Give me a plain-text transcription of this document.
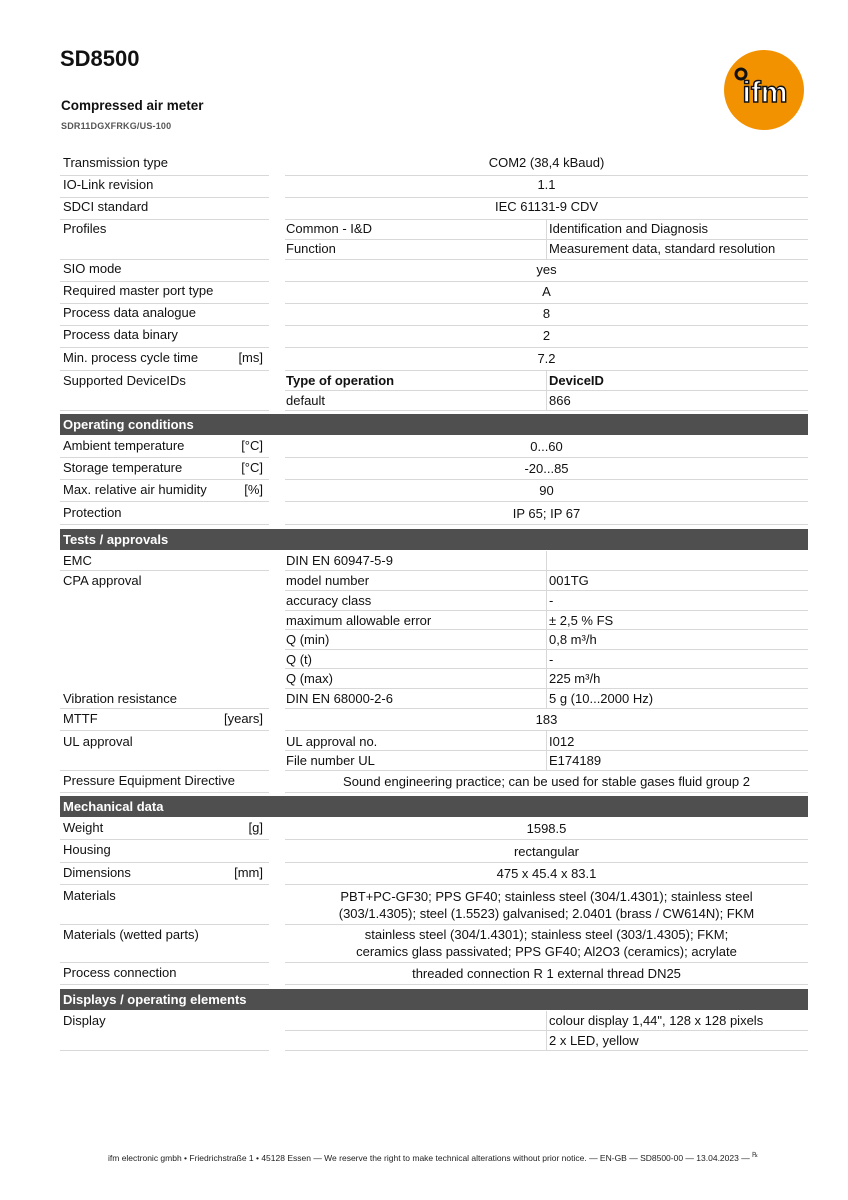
SD8500
Compressed air meter
SDR11DGXFRKG/US-100
ifm
Transmission type	COM2 (38,4 kBaud)
IO-Link revision	1.1
SDCI standard	IEC 61131-9 CDV
Profiles	Common - I&D	Identification and Diagnosis
Function	Measurement data, standard resolution
SIO mode	yes
Required master port type	A
Process data analogue	8
Process data binary	2
Min. process cycle time	[ms]	7.2
Supported DeviceIDs	Type of operation	DeviceID
default	866
Operating conditions
Ambient temperature	[°C]	0...60
Storage temperature	[°C]	-20...85
Max. relative air humidity	[%]	90
Protection	IP 65; IP 67
Tests / approvals
EMC	DIN EN 60947-5-9
CPA approval	model number	001TG
accuracy class	-
maximum allowable error	± 2,5 % FS
Q (min)	0,8 m³/h
Q (t)	-
Q (max)	225 m³/h
Vibration resistance	DIN EN 68000-2-6	5 g (10...2000 Hz)
MTTF	[years]	183
UL approval	UL approval no.	I012
File number UL	E174189
Pressure Equipment Directive	Sound engineering practice; can be used for stable gases fluid group 2
Mechanical data
Weight	[g]	1598.5
Housing	rectangular
Dimensions	[mm]	475 x 45.4 x 83.1
Materials	PBT+PC-GF30; PPS GF40; stainless steel (304/1.4301); stainless steel
(303/1.4305); steel (1.5523) galvanised; 2.0401 (brass / CW614N); FKM
Materials (wetted parts)	stainless steel (304/1.4301); stainless steel (303/1.4305); FKM;
ceramics glass passivated; PPS GF40; Al2O3 (ceramics); acrylate
Process connection	threaded connection R 1 external thread DN25
Displays / operating elements
Display	colour display 1,44", 128 x 128 pixels
2 x LED, yellow
ifm electronic gmbh • Friedrichstraße 1 • 45128 Essen — We reserve the right to make technical alterations without prior notice. — EN-GB — SD8500-00 — 13.04.2023 — ℞
